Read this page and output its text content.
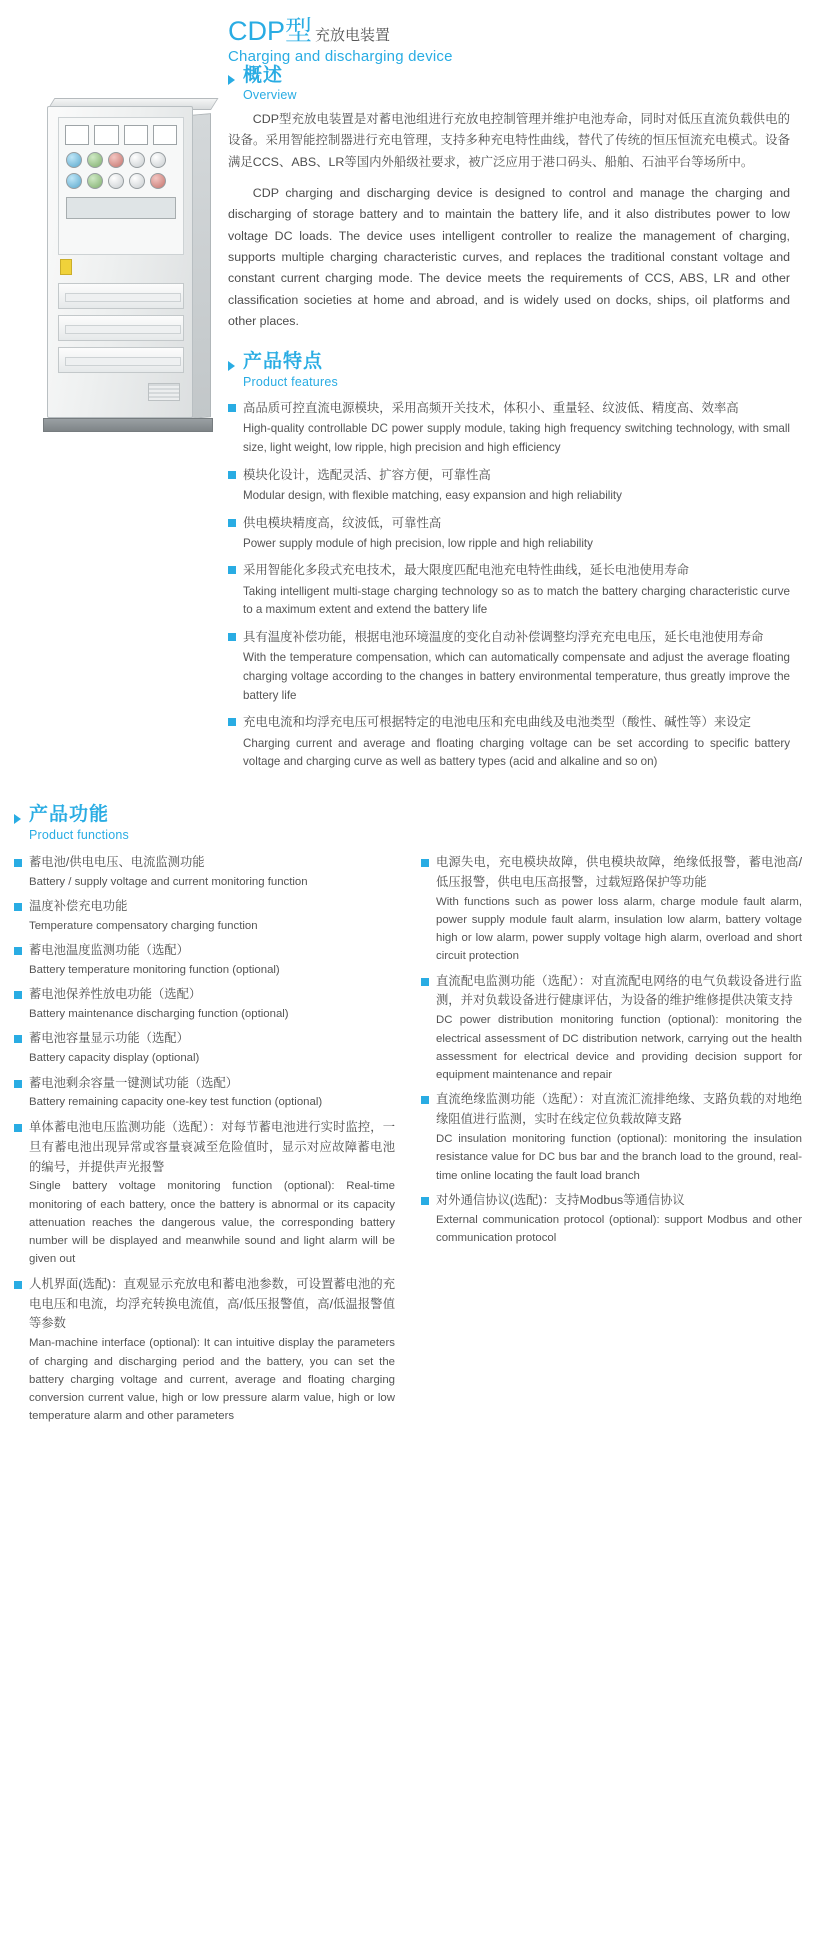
CDP型 充放电装置
Charging and discharging device
概述
Overview

CDP型充放电装置是对蓄电池组进行充放电控制管理并维护电池寿命，同时对低压直流负载供电的设备。采用智能控制器进行充电管理，支持多种充电特性曲线，替代了传统的恒压恒流充电模式。设备满足CCS、ABS、LR等国内外船级社要求，被广泛应用于港口码头、船舶、石油平台等场所中。

CDP charging and discharging device is designed to control and manage the charging and discharging of storage battery and to maintain the battery life, and it also distributes power to low voltage DC loads. The device uses intelligent controller to realize the management of charging, supports multiple charging characteristic curves, and replaces the traditional constant voltage and constant current charging mode. The device meets the requirements of CCS, ABS, LR and other classification societies at home and abroad, and is widely used on docks, ships, oil platforms and other places.

产品特点
Product features
高品质可控直流电源模块，采用高频开关技术，体积小、重量轻、纹波低、精度高、效率高
High-quality controllable DC power supply module, taking high frequency switching technology, with small size, light weight, low ripple, high precision and high efficiency
模块化设计，选配灵活、扩容方便，可靠性高
Modular design, with flexible matching, easy expansion and high reliability
供电模块精度高，纹波低，可靠性高
Power supply module of high precision, low ripple and high reliability
采用智能化多段式充电技术，最大限度匹配电池充电特性曲线，延长电池使用寿命
Taking intelligent multi-stage charging technology so as to match the battery charging characteristic curve to a maximum extent and extend the battery life
具有温度补偿功能，根据电池环境温度的变化自动补偿调整均浮充充电电压，延长电池使用寿命
With the temperature compensation, which can automatically compensate and adjust the average floating charging voltage according to the changes in battery environmental temperature, thus greatly improve the battery life
充电电流和均浮充电压可根据特定的电池电压和充电曲线及电池类型（酸性、碱性等）来设定
Charging current and average and floating charging voltage can be set according to specific battery voltage and charging curve as well as battery types (acid and alkaline and so on)
产品功能
Product functions
蓄电池/供电电压、电流监测功能
Battery / supply voltage and current monitoring function
温度补偿充电功能
Temperature compensatory charging function
蓄电池温度监测功能（选配）
Battery temperature monitoring function (optional)
蓄电池保养性放电功能（选配）
Battery maintenance discharging function (optional)
蓄电池容量显示功能（选配）
Battery capacity display (optional)
蓄电池剩余容量一键测试功能（选配）
Battery remaining capacity one-key test function (optional)
单体蓄电池电压监测功能（选配）：对每节蓄电池进行实时监控，一旦有蓄电池出现异常或容量衰减至危险值时，显示对应故障蓄电池的编号，并提供声光报警
Single battery voltage monitoring function (optional): Real-time monitoring of each battery, once the battery is abnormal or its capacity attenuation reaches the dangerous value, the corresponding battery number will be displayed and meanwhile sound and light alarm will be given out
人机界面(选配)：直观显示充放电和蓄电池参数，可设置蓄电池的充电电压和电流，均浮充转换电流值，高/低压报警值，高/低温报警值等参数
Man-machine interface (optional): It can intuitive display the parameters of charging and discharging period and the battery, you can set the battery charging voltage and current, average and floating charging conversion current value, high or low pressure alarm value, high or low temperature alarm and other parameters
电源失电，充电模块故障，供电模块故障，绝缘低报警，蓄电池高/低压报警，供电电压高报警，过载短路保护等功能
With functions such as power loss alarm, charge module fault alarm, power supply module fault alarm, insulation low alarm, battery voltage high or low alarm, power supply voltage high alarm, overload and short circuit protection
直流配电监测功能（选配）：对直流配电网络的电气负载设备进行监测，并对负载设备进行健康评估，为设备的维护维修提供决策支持
DC power distribution monitoring function (optional): monitoring the electrical assessment of DC distribution network, carrying out the health assessment for electrical device and providing decision support for equipment maintenance and repair
直流绝缘监测功能（选配）：对直流汇流排绝缘、支路负载的对地绝缘阻值进行监测，实时在线定位负载故障支路
DC insulation monitoring function (optional): monitoring the insulation resistance value for DC bus bar and the branch load to the ground, real-time online locating the fault load branch
对外通信协议(选配)：支持Modbus等通信协议
External communication protocol (optional): support Modbus and other communication protocol
